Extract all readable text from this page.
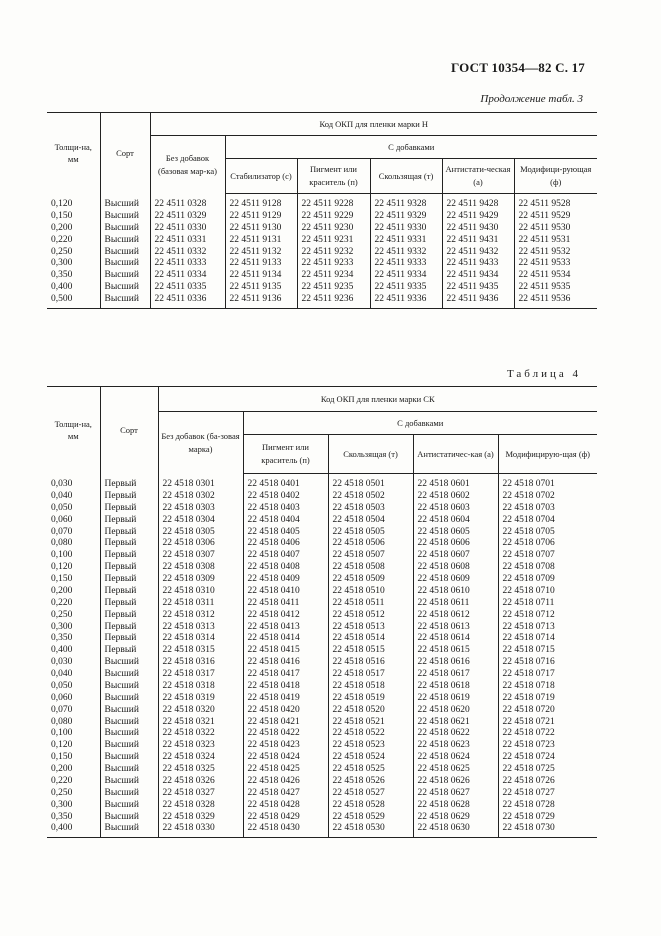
ГОСТ 10354—82 С. 17
Продолжение табл. 3
Толщи-на, мм	Сорт	Код ОКП для пленки марки Н					
		Без добавок (базовая мар-ка)	С добавками				
			Стабилизатор (с)	Пигмент или краситель (п)	Скользящая (т)	Антистати-ческая (а)	Модифици-рующая (ф)
0,120	Высший	22 4511 0328	22 4511 9128	22 4511 9228	22 4511 9328	22 4511 9428	22 4511 9528
0,150	Высший	22 4511 0329	22 4511 9129	22 4511 9229	22 4511 9329	22 4511 9429	22 4511 9529
0,200	Высший	22 4511 0330	22 4511 9130	22 4511 9230	22 4511 9330	22 4511 9430	22 4511 9530
0,220	Высший	22 4511 0331	22 4511 9131	22 4511 9231	22 4511 9331	22 4511 9431	22 4511 9531
0,250	Высший	22 4511 0332	22 4511 9132	22 4511 9232	22 4511 9332	22 4511 9432	22 4511 9532
0,300	Высший	22 4511 0333	22 4511 9133	22 4511 9233	22 4511 9333	22 4511 9433	22 4511 9533
0,350	Высший	22 4511 0334	22 4511 9134	22 4511 9234	22 4511 9334	22 4511 9434	22 4511 9534
0,400	Высший	22 4511 0335	22 4511 9135	22 4511 9235	22 4511 9335	22 4511 9435	22 4511 9535
0,500	Высший	22 4511 0336	22 4511 9136	22 4511 9236	22 4511 9336	22 4511 9436	22 4511 9536
Таблица 4
Толщи-на, мм	Сорт	Код ОКП для пленки марки СК				
		Без добавок (ба-зовая марка)	С добавками			
			Пигмент или краситель (п)	Скользящая (т)	Антистатичес-кая (а)	Модифицирую-щая (ф)
0,030	Первый	22 4518 0301	22 4518 0401	22 4518 0501	22 4518 0601	22 4518 0701
0,040	Первый	22 4518 0302	22 4518 0402	22 4518 0502	22 4518 0602	22 4518 0702
0,050	Первый	22 4518 0303	22 4518 0403	22 4518 0503	22 4518 0603	22 4518 0703
0,060	Первый	22 4518 0304	22 4518 0404	22 4518 0504	22 4518 0604	22 4518 0704
0,070	Первый	22 4518 0305	22 4518 0405	22 4518 0505	22 4518 0605	22 4518 0705
0,080	Первый	22 4518 0306	22 4518 0406	22 4518 0506	22 4518 0606	22 4518 0706
0,100	Первый	22 4518 0307	22 4518 0407	22 4518 0507	22 4518 0607	22 4518 0707
0,120	Первый	22 4518 0308	22 4518 0408	22 4518 0508	22 4518 0608	22 4518 0708
0,150	Первый	22 4518 0309	22 4518 0409	22 4518 0509	22 4518 0609	22 4518 0709
0,200	Первый	22 4518 0310	22 4518 0410	22 4518 0510	22 4518 0610	22 4518 0710
0,220	Первый	22 4518 0311	22 4518 0411	22 4518 0511	22 4518 0611	22 4518 0711
0,250	Первый	22 4518 0312	22 4518 0412	22 4518 0512	22 4518 0612	22 4518 0712
0,300	Первый	22 4518 0313	22 4518 0413	22 4518 0513	22 4518 0613	22 4518 0713
0,350	Первый	22 4518 0314	22 4518 0414	22 4518 0514	22 4518 0614	22 4518 0714
0,400	Первый	22 4518 0315	22 4518 0415	22 4518 0515	22 4518 0615	22 4518 0715
0,030	Высший	22 4518 0316	22 4518 0416	22 4518 0516	22 4518 0616	22 4518 0716
0,040	Высший	22 4518 0317	22 4518 0417	22 4518 0517	22 4518 0617	22 4518 0717
0,050	Высший	22 4518 0318	22 4518 0418	22 4518 0518	22 4518 0618	22 4518 0718
0,060	Высший	22 4518 0319	22 4518 0419	22 4518 0519	22 4518 0619	22 4518 0719
0,070	Высший	22 4518 0320	22 4518 0420	22 4518 0520	22 4518 0620	22 4518 0720
0,080	Высший	22 4518 0321	22 4518 0421	22 4518 0521	22 4518 0621	22 4518 0721
0,100	Высший	22 4518 0322	22 4518 0422	22 4518 0522	22 4518 0622	22 4518 0722
0,120	Высший	22 4518 0323	22 4518 0423	22 4518 0523	22 4518 0623	22 4518 0723
0,150	Высший	22 4518 0324	22 4518 0424	22 4518 0524	22 4518 0624	22 4518 0724
0,200	Высший	22 4518 0325	22 4518 0425	22 4518 0525	22 4518 0625	22 4518 0725
0,220	Высший	22 4518 0326	22 4518 0426	22 4518 0526	22 4518 0626	22 4518 0726
0,250	Высший	22 4518 0327	22 4518 0427	22 4518 0527	22 4518 0627	22 4518 0727
0,300	Высший	22 4518 0328	22 4518 0428	22 4518 0528	22 4518 0628	22 4518 0728
0,350	Высший	22 4518 0329	22 4518 0429	22 4518 0529	22 4518 0629	22 4518 0729
0,400	Высший	22 4518 0330	22 4518 0430	22 4518 0530	22 4518 0630	22 4518 0730
